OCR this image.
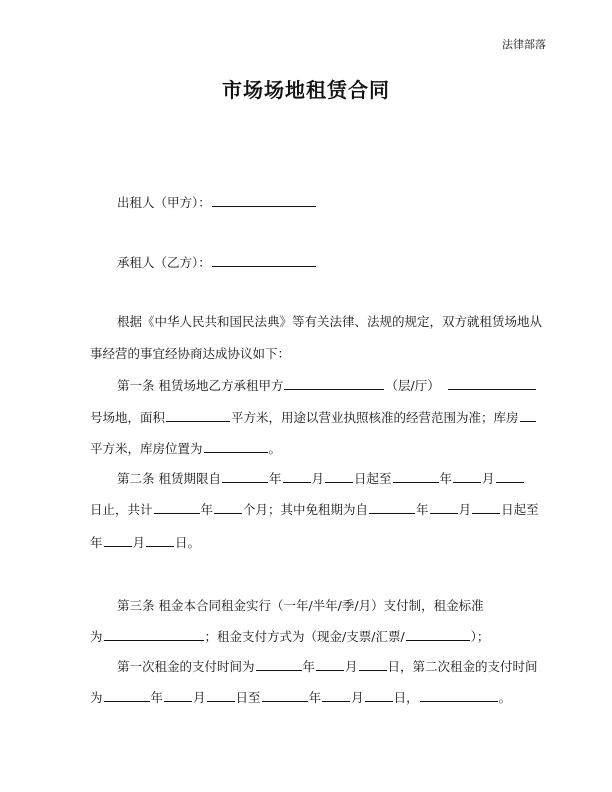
法律部落
市场场地租赁合同
出租人（甲方）：
承租人（乙方）：
根据《中华人民共和国民法典》等有关法律、法规的规定，双方就租赁场地从
事经营的事宜经协商达成协议如下：
第一条 租赁场地乙方承租甲方	（层/厅）
号场地，面积	平方米，用途以营业执照核准的经营范围为准；库房
平方米，库房位置为	。
第二条 租赁期限自	年 月 日起至	年 月
日止，共计	年 个月；其中免租期为自	年 月 日起至
年 月 日。
第三条 租金本合同租金实行（一年/半年/季/月）支付制，租金标准
为	；租金支付方式为（现金/支票/汇票/	）；
第一次租金的支付时间为	年 月 日，第二次租金的支付时间
为	年 月 日至	年 月 日，	。
